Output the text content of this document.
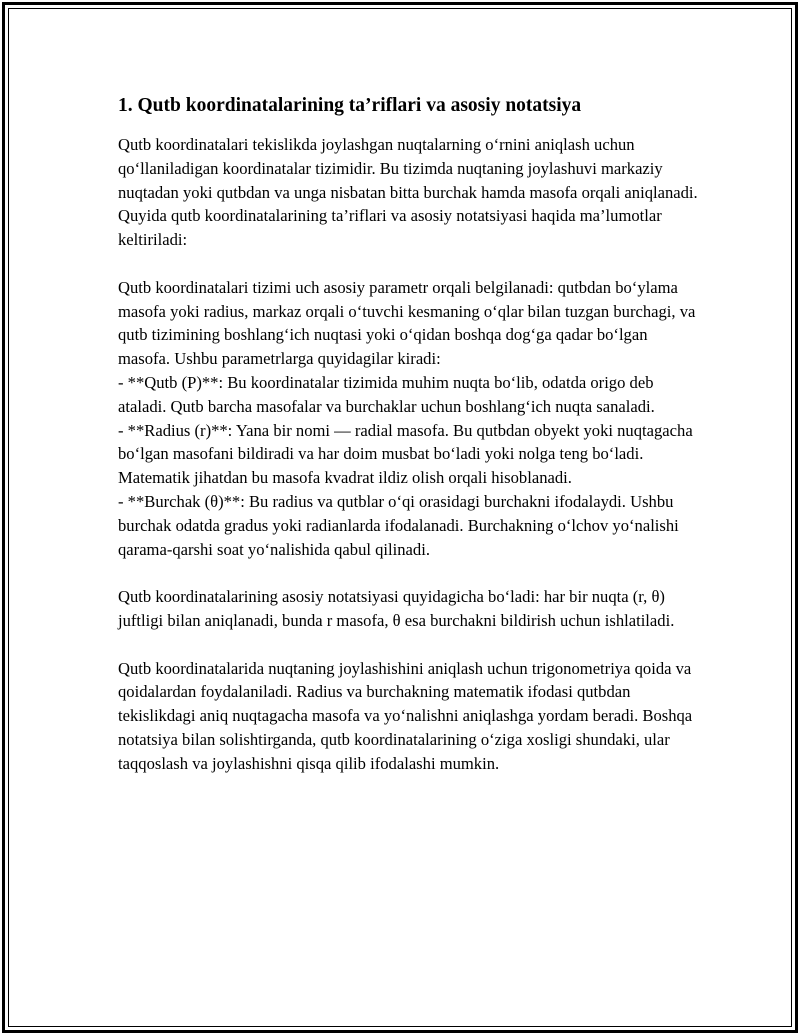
1. Qutb koordinatalarining ta’riflari va asosiy notatsiya

Qutb koordinatalari tekislikda joylashgan nuqtalarning o‘rnini aniqlash uchun qo‘llaniladigan koordinatalar tizimidir. Bu tizimda nuqtaning joylashuvi markaziy nuqtadan yoki qutbdan va unga nisbatan bitta burchak hamda masofa orqali aniqlanadi. Quyida qutb koordinatalarining ta’riflari va asosiy notatsiyasi haqida ma’lumotlar keltiriladi:

Qutb koordinatalari tizimi uch asosiy parametr orqali belgilanadi: qutbdan bo‘ylama masofa yoki radius, markaz orqali o‘tuvchi kesmaning o‘qlar bilan tuzgan burchagi, va qutb tizimining boshlang‘ich nuqtasi yoki o‘qidan boshqa dog‘ga qadar bo‘lgan masofa. Ushbu parametrlarga quyidagilar kiradi:
- **Qutb (P)**: Bu koordinatalar tizimida muhim nuqta bo‘lib, odatda origo deb ataladi. Qutb barcha masofalar va burchaklar uchun boshlang‘ich nuqta sanaladi.
- **Radius (r)**: Yana bir nomi — radial masofa. Bu qutbdan obyekt yoki nuqtagacha bo‘lgan masofani bildiradi va har doim musbat bo‘ladi yoki nolga teng bo‘ladi. Matematik jihatdan bu masofa kvadrat ildiz olish orqali hisoblanadi.
- **Burchak (θ)**: Bu radius va qutblar o‘qi orasidagi burchakni ifodalaydi. Ushbu burchak odatda gradus yoki radianlarda ifodalanadi. Burchakning o‘lchov yo‘nalishi qarama-qarshi soat yo‘nalishida qabul qilinadi.

Qutb koordinatalarining asosiy notatsiyasi quyidagicha bo‘ladi: har bir nuqta (r, θ) juftligi bilan aniqlanadi, bunda r masofa, θ esa burchakni bildirish uchun ishlatiladi.

Qutb koordinatalarida nuqtaning joylashishini aniqlash uchun trigonometriya qoida va qoidalardan foydalaniladi. Radius va burchakning matematik ifodasi qutbdan tekislikdagi aniq nuqtagacha masofa va yo‘nalishni aniqlashga yordam beradi. Boshqa notatsiya bilan solishtirganda, qutb koordinatalarining o‘ziga xosligi shundaki, ular taqqoslash va joylashishni qisqa qilib ifodalashi mumkin.
